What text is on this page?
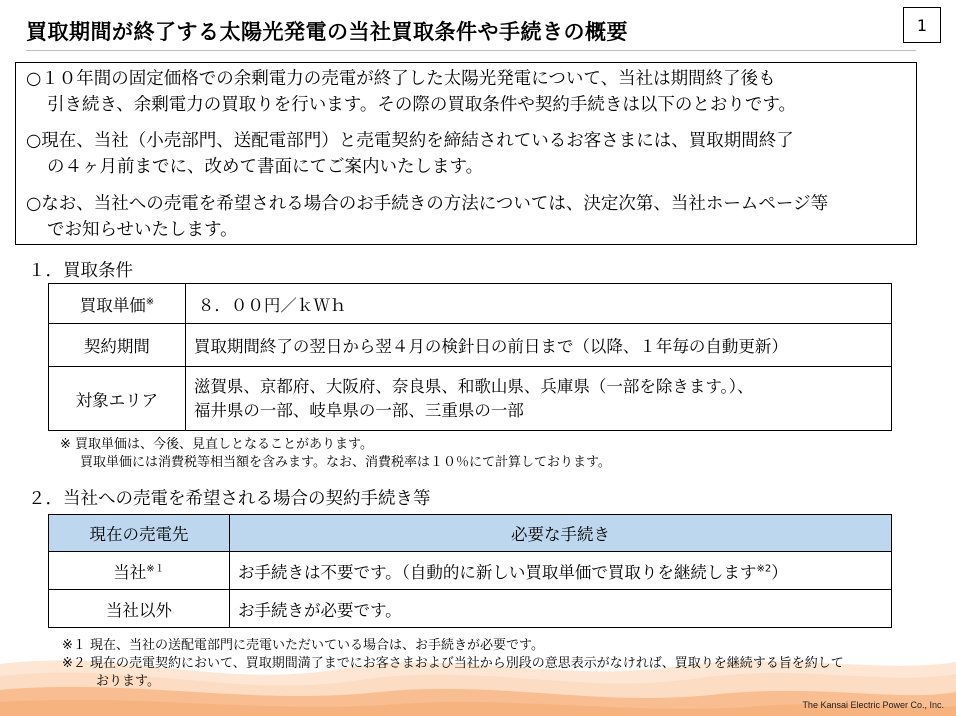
買取期間が終了する太陽光発電の当社買取条件や手続きの概要	1
○１０年間の固定価格での余剰電力の売電が終了した太陽光発電について、当社は期間終了後も
引き続き、余剰電力の買取りを行います。その際の買取条件や契約手続きは以下のとおりです。
○現在、当社（小売部門、送配電部門）と売電契約を締結されているお客さまには、買取期間終了
の４ヶ月前までに、改めて書面にてご案内いたします。
○なお、当社への売電を希望される場合のお手続きの方法については、決定次第、当社ホームページ等
でお知らせいたします。
１．買取条件
買取単価※	８．００円／ｋＷｈ
契約期間	買取期間終了の翌日から翌４月の検針日の前日まで（以降、１年毎の自動更新）
対象エリア	滋賀県、京都府、大阪府、奈良県、和歌山県、兵庫県（一部を除きます。）、
福井県の一部、岐阜県の一部、三重県の一部
※ 買取単価は、今後、見直しとなることがあります。
買取単価には消費税等相当額を含みます。なお、消費税率は１０％にて計算しております。
２．当社への売電を希望される場合の契約手続き等
現在の売電先	必要な手続き
当社$^{※1}$	お手続きは不要です。（自動的に新しい買取単価で買取りを継続します$^{※2}$）
当社以外	お手続きが必要です。
※１ 現在、当社の送配電部門に売電いただいている場合は、お手続きが必要です。
※２ 現在の売電契約において、買取期間満了までにお客さまおよび当社から別段の意思表示がなければ、買取りを継続する旨を約して
おります。
The Kansai Electric Power Co., Inc.
